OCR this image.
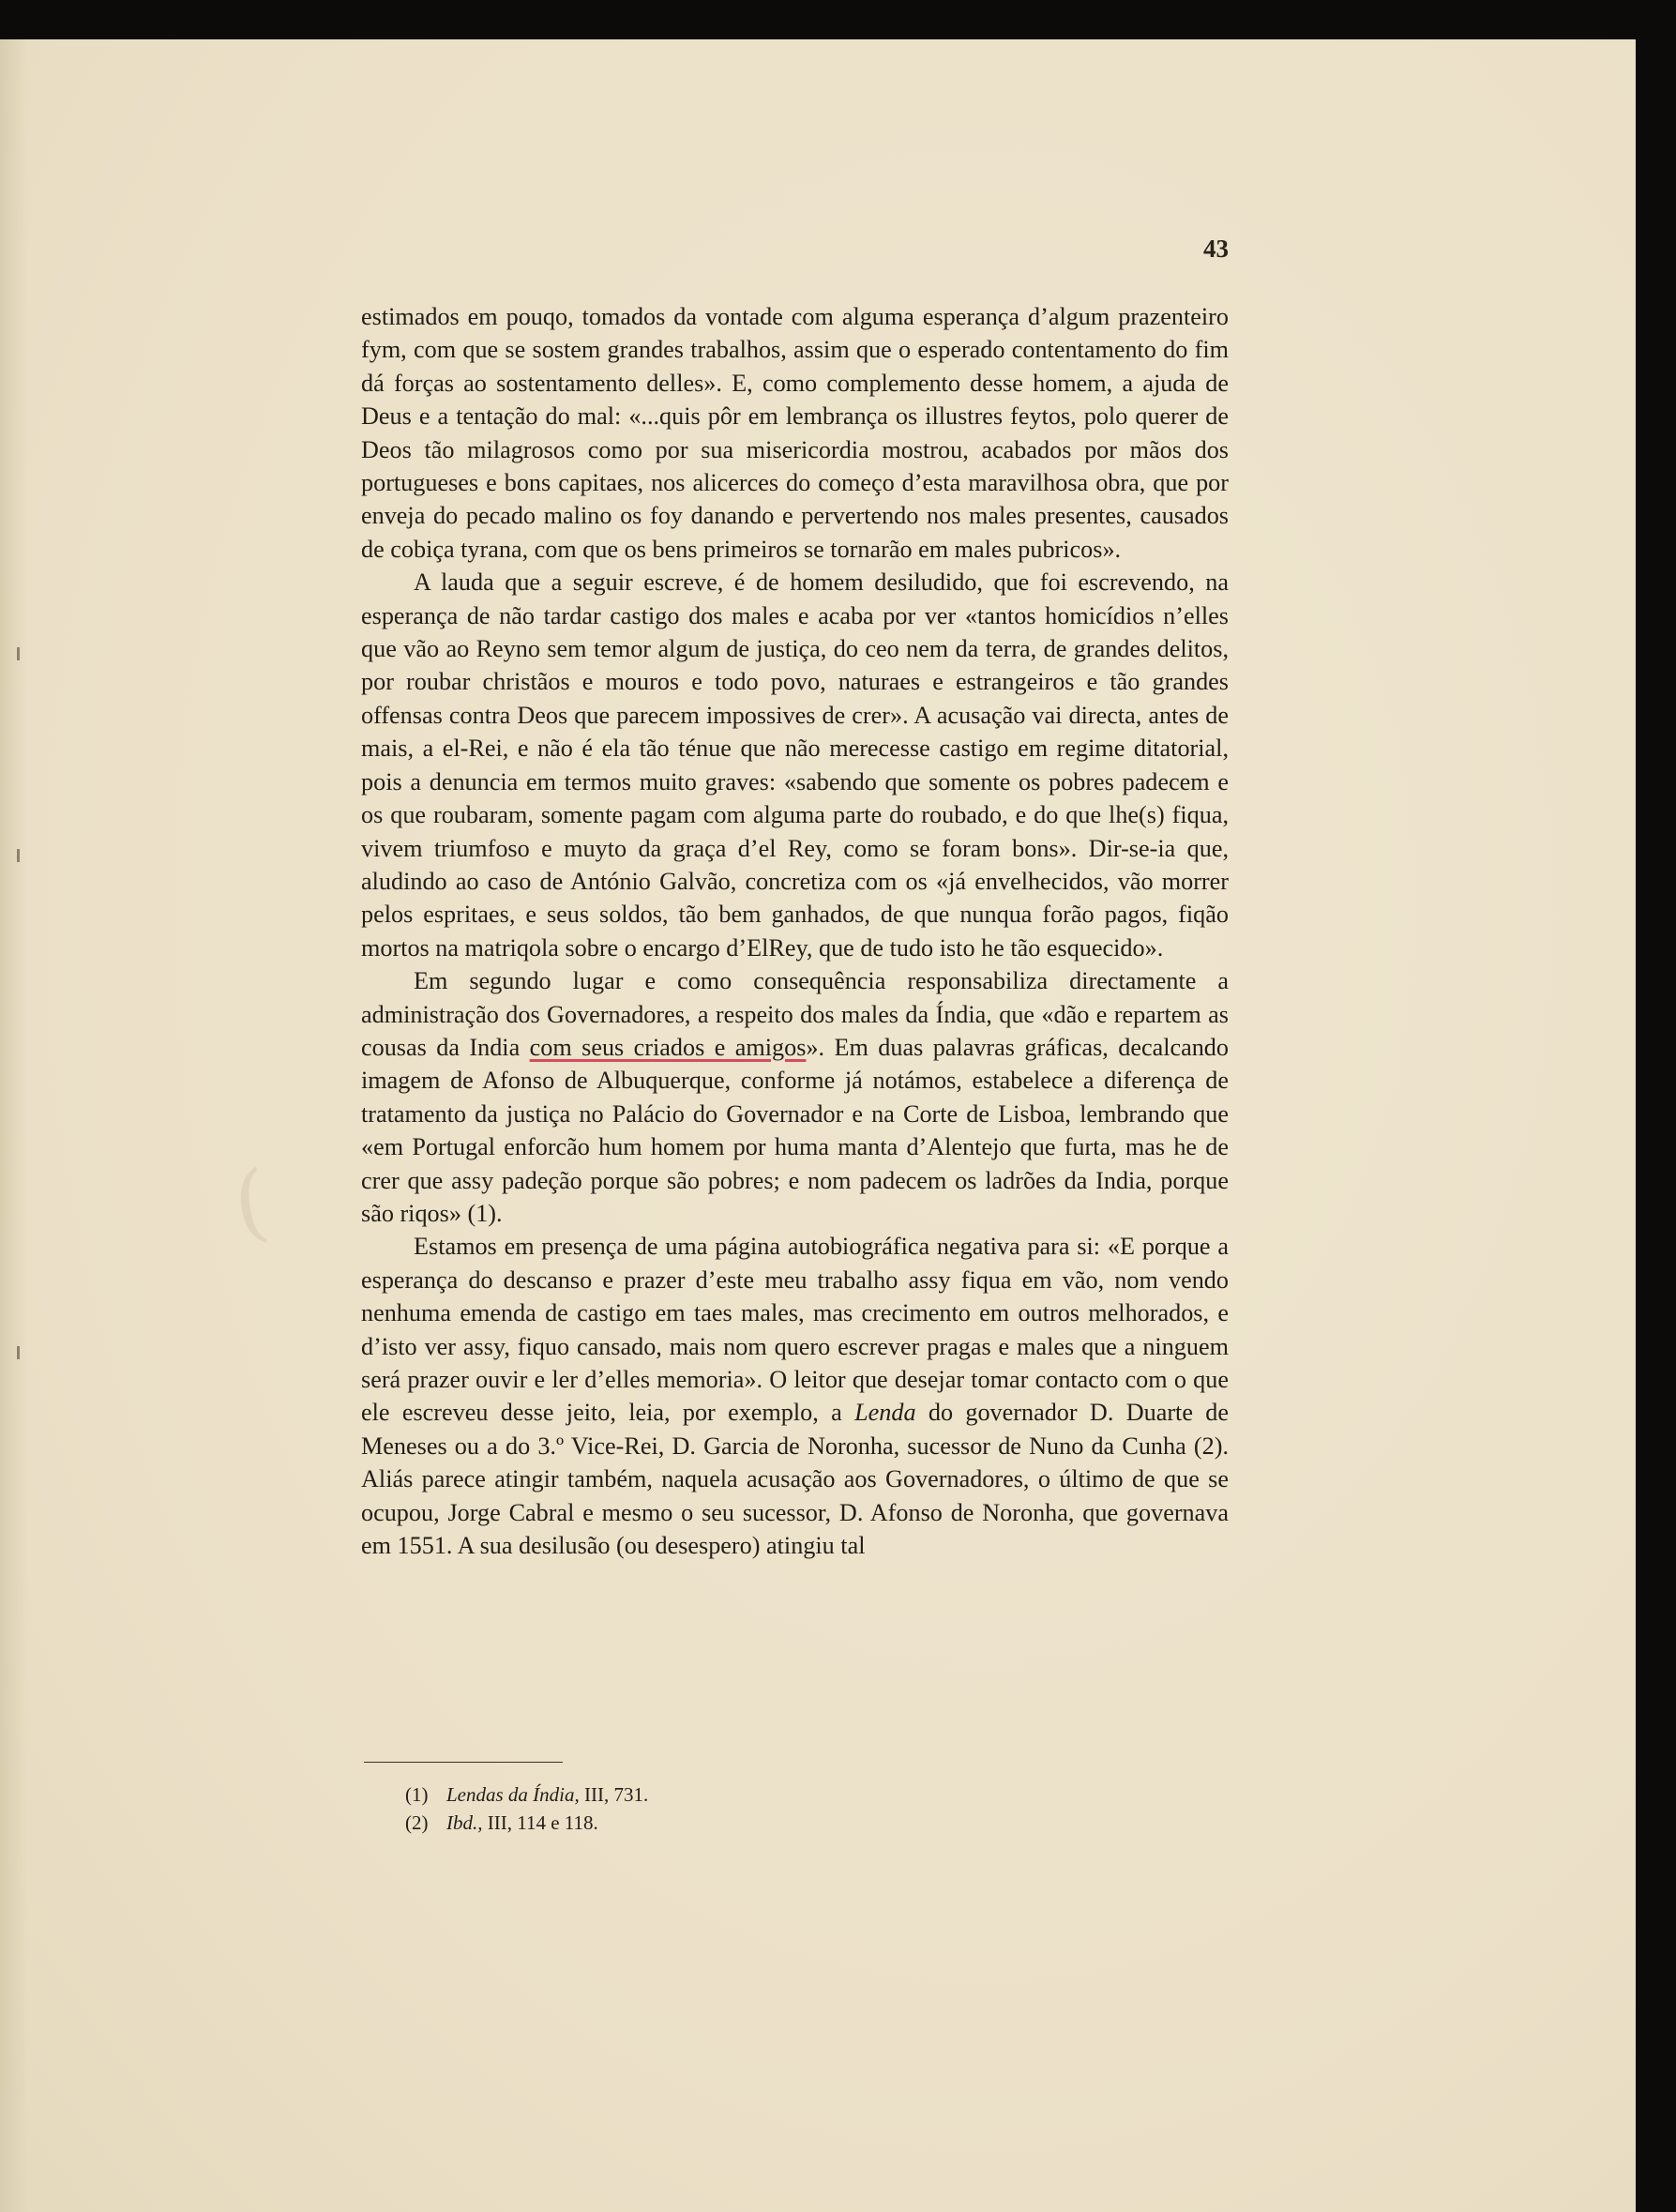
(
43

estimados em pouqo, tomados da vontade com alguma esperança d’algum prazenteiro fym, com que se sostem grandes trabalhos, assim que o esperado contentamento do fim dá forças ao sostentamento delles». E, como complemento desse homem, a ajuda de Deus e a tentação do mal: «...quis pôr em lembrança os illustres feytos, polo querer de Deos tão milagrosos como por sua misericordia mostrou, acabados por mãos dos portugueses e bons capitaes, nos alicerces do começo d’esta maravilhosa obra, que por enveja do pecado malino os foy danando e pervertendo nos males presentes, causados de cobiça tyrana, com que os bens primeiros se tornarão em males pubricos».

A lauda que a seguir escreve, é de homem desiludido, que foi escrevendo, na esperança de não tardar castigo dos males e acaba por ver «tantos homicídios n’elles que vão ao Reyno sem temor algum de justiça, do ceo nem da terra, de grandes delitos, por roubar christãos e mouros e todo povo, naturaes e estrangeiros e tão grandes offensas contra Deos que parecem impossives de crer». A acusação vai directa, antes de mais, a el-Rei, e não é ela tão ténue que não merecesse castigo em regime ditatorial, pois a denuncia em termos muito graves: «sabendo que somente os pobres padecem e os que roubaram, somente pagam com alguma parte do roubado, e do que lhe(s) fiqua, vivem triumfoso e muyto da graça d’el Rey, como se foram bons». Dir-se-ia que, aludindo ao caso de António Galvão, concretiza com os «já envelhecidos, vão morrer pelos espritaes, e seus soldos, tão bem ganhados, de que nunqua forão pagos, fiqão mortos na matriqola sobre o encargo d’ElRey, que de tudo isto he tão esquecido».

Em segundo lugar e como consequência responsabiliza directamente a administração dos Governadores, a respeito dos males da Índia, que «dão e repartem as cousas da India com seus criados e amigos». Em duas palavras gráficas, decalcando imagem de Afonso de Albuquerque, conforme já notámos, estabelece a diferença de tratamento da justiça no Palácio do Governador e na Corte de Lisboa, lembrando que «em Portugal enforcão hum homem por huma manta d’Alentejo que furta, mas he de crer que assy padeção porque são pobres; e nom padecem os ladrões da India, porque são riqos» (1).

Estamos em presença de uma página autobiográfica negativa para si: «E porque a esperança do descanso e prazer d’este meu trabalho assy fiqua em vão, nom vendo nenhuma emenda de castigo em taes males, mas crecimento em outros melhorados, e d’isto ver assy, fiquo cansado, mais nom quero escrever pragas e males que a ninguem será prazer ouvir e ler d’elles memoria». O leitor que desejar tomar contacto com o que ele escreveu desse jeito, leia, por exemplo, a Lenda do governador D. Duarte de Meneses ou a do 3.º Vice-Rei, D. Garcia de Noronha, sucessor de Nuno da Cunha (2). Aliás parece atingir também, naquela acusação aos Governadores, o último de que se ocupou, Jorge Cabral e mesmo o seu sucessor, D. Afonso de Noronha, que governava em 1551. A sua desilusão (ou desespero) atingiu tal

(1) Lendas da Índia, III, 731.
(2) Ibd., III, 114 e 118.
